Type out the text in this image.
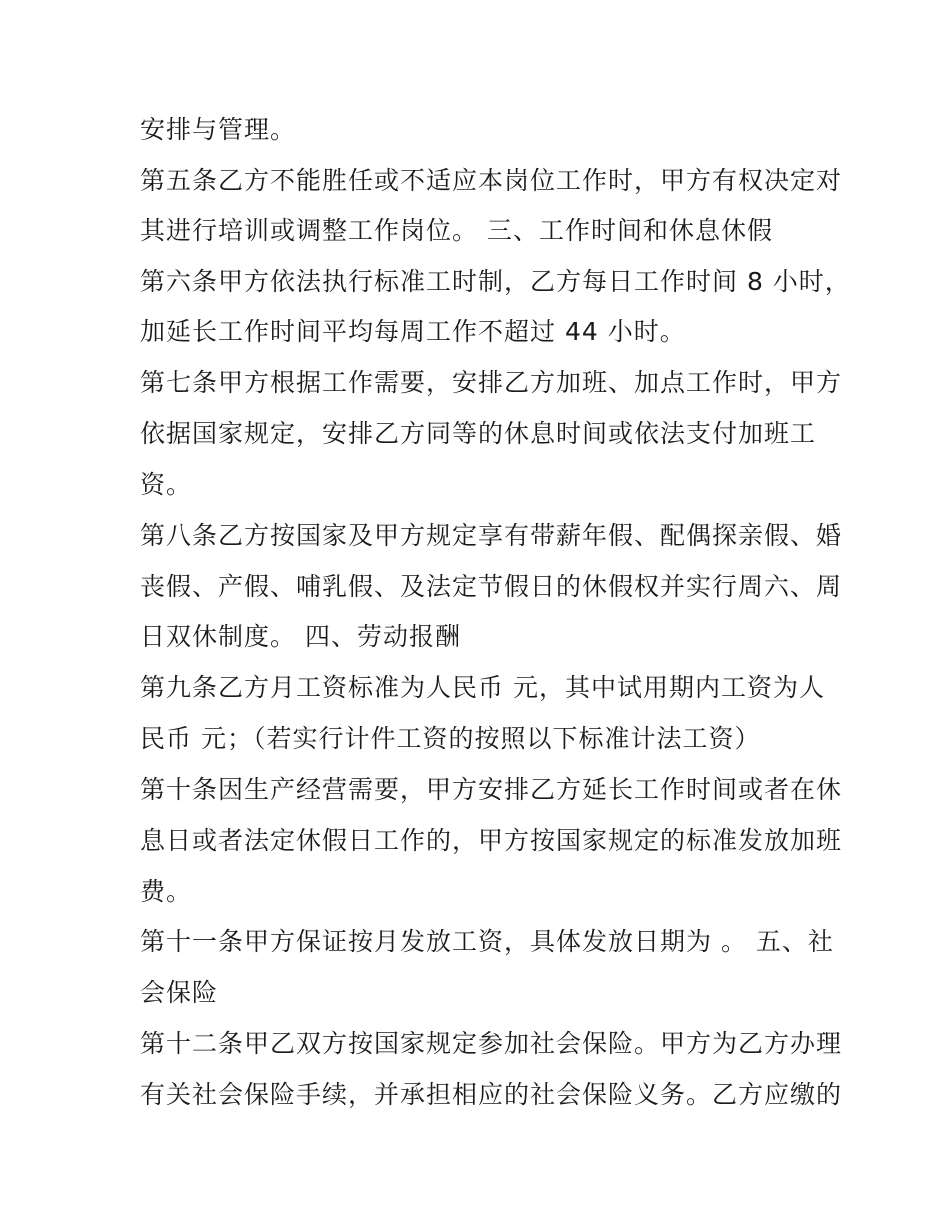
安排与管理。
第五条乙方不能胜任或不适应本岗位工作时，甲方有权决定对
其进行培训或调整工作岗位。 三、工作时间和休息休假
第六条甲方依法执行标准工时制，乙方每日工作时间 8 小时，
加延长工作时间平均每周工作不超过 44 小时。
第七条甲方根据工作需要，安排乙方加班、加点工作时，甲方
依据国家规定，安排乙方同等的休息时间或依法支付加班工
资。
第八条乙方按国家及甲方规定享有带薪年假、配偶探亲假、婚
丧假、产假、哺乳假、及法定节假日的休假权并实行周六、周
日双休制度。 四、劳动报酬
第九条乙方月工资标准为人民币 元，其中试用期内工资为人
民币 元；（若实行计件工资的按照以下标准计法工资）
第十条因生产经营需要，甲方安排乙方延长工作时间或者在休
息日或者法定休假日工作的，甲方按国家规定的标准发放加班
费。
第十一条甲方保证按月发放工资，具体发放日期为 。 五、社
会保险
第十二条甲乙双方按国家规定参加社会保险。甲方为乙方办理
有关社会保险手续，并承担相应的社会保险义务。乙方应缴的
